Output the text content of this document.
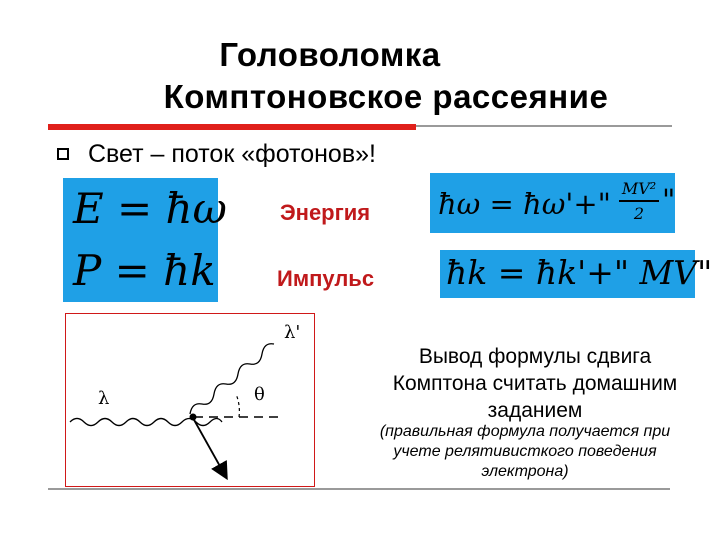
Головоломка
Комптоновское рассеяние
Свет – поток «фотонов»!
E = ħω
P = ħk
Энергия
Импульс
ħω = ħω'+" MV²
2 "
ħk = ħk'+" MV"
λ
λ'
θ
Вывод формулы сдвига Комптона считать домашним заданием
(правильная формула получается при учете релятивисткого поведения электрона)
